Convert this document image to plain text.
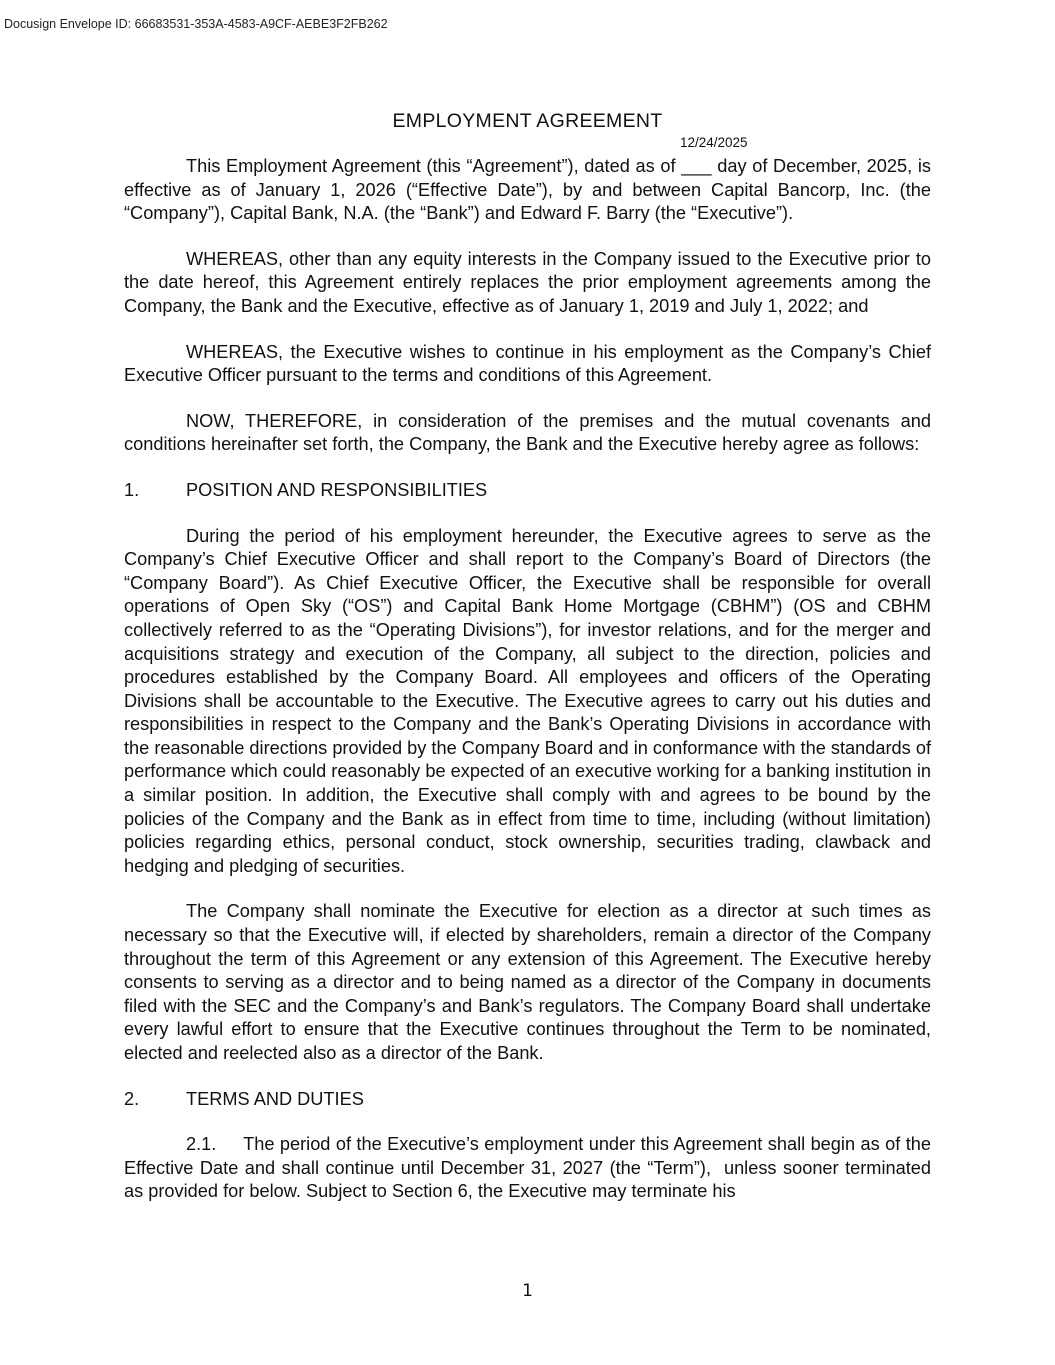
Docusign Envelope ID: 66683531-353A-4583-A9CF-AEBE3F2FB262
EMPLOYMENT AGREEMENT
12/24/2025

This Employment Agreement (this “Agreement”), dated as of ___ day of December, 2025, is effective as of January 1, 2026 (“Effective Date”), by and between Capital Bancorp, Inc. (the “Company”), Capital Bank, N.A. (the “Bank”) and Edward F. Barry (the “Executive”).

WHEREAS, other than any equity interests in the Company issued to the Executive prior to the date hereof, this Agreement entirely replaces the prior employment agreements among the Company, the Bank and the Executive, effective as of January 1, 2019 and July 1, 2022; and

WHEREAS, the Executive wishes to continue in his employment as the Company’s Chief Executive Officer pursuant to the terms and conditions of this Agreement.

NOW, THEREFORE, in consideration of the premises and the mutual covenants and conditions hereinafter set forth, the Company, the Bank and the Executive hereby agree as follows:

1.	POSITION AND RESPONSIBILITIES

During the period of his employment hereunder, the Executive agrees to serve as the Company’s Chief Executive Officer and shall report to the Company’s Board of Directors (the “Company Board”). As Chief Executive Officer, the Executive shall be responsible for overall operations of Open Sky (“OS”) and Capital Bank Home Mortgage (CBHM”) (OS and CBHM collectively referred to as the “Operating Divisions”), for investor relations, and for the merger and acquisitions strategy and execution of the Company, all subject to the direction, policies and procedures established by the Company Board. All employees and officers of the Operating Divisions shall be accountable to the Executive. The Executive agrees to carry out his duties and responsibilities in respect to the Company and the Bank’s Operating Divisions in accordance with the reasonable directions provided by the Company Board and in conformance with the standards of performance which could reasonably be expected of an executive working for a banking institution in a similar position. In addition, the Executive shall comply with and agrees to be bound by the policies of the Company and the Bank as in effect from time to time, including (without limitation) policies regarding ethics, personal conduct, stock ownership, securities trading, clawback and hedging and pledging of securities.

The Company shall nominate the Executive for election as a director at such times as necessary so that the Executive will, if elected by shareholders, remain a director of the Company throughout the term of this Agreement or any extension of this Agreement. The Executive hereby consents to serving as a director and to being named as a director of the Company in documents filed with the SEC and the Company’s and Bank’s regulators. The Company Board shall undertake every lawful effort to ensure that the Executive continues throughout the Term to be nominated, elected and reelected also as a director of the Bank.

2.	TERMS AND DUTIES

2.1.     The period of the Executive’s employment under this Agreement shall begin as of the Effective Date and shall continue until December 31, 2027 (the “Term”),  unless sooner terminated as provided for below. Subject to Section 6, the Executive may terminate his

1
